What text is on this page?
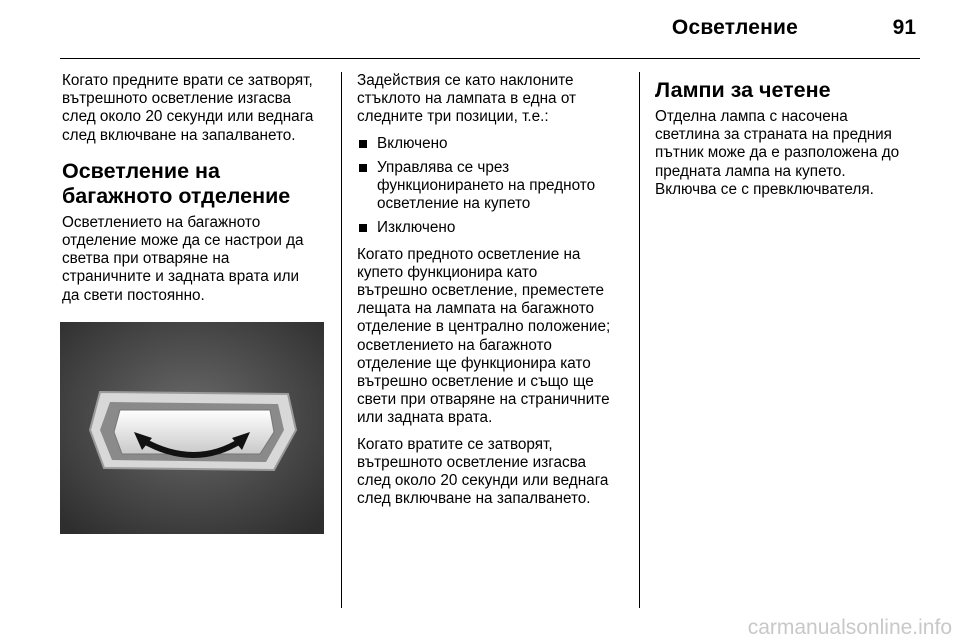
Осветление	91

Когато предните врати се затворят,
вътрешното осветление изгасва
след около 20 секунди или веднага
след включване на запалването.

Осветление на
багажното отделение

Осветлението на багажното
отделение може да се настрои да
светва при отваряне на
страничните и задната врата или
да свети постоянно.

Задействия се като наклоните
стъклото на лампата в една от
следните три позиции, т.е.:

Включено
Управлява се чрез
функционирането на предното
осветление на купето
Изключено

Когато предното осветление на
купето функционира като
вътрешно осветление, преместете
лещата на лампата на багажното
отделение в централно положение;
осветлението на багажното
отделение ще функционира като
вътрешно осветление и също ще
свети при отваряне на страничните
или задната врата.

Когато вратите се затворят,
вътрешното осветление изгасва
след около 20 секунди или веднага
след включване на запалването.

Лампи за четене

Отделна лампа с насочена
светлина за страната на предния
пътник може да е разположена до
предната лампа на купето.
Включва се с превключвателя.

carmanualsonline.info
